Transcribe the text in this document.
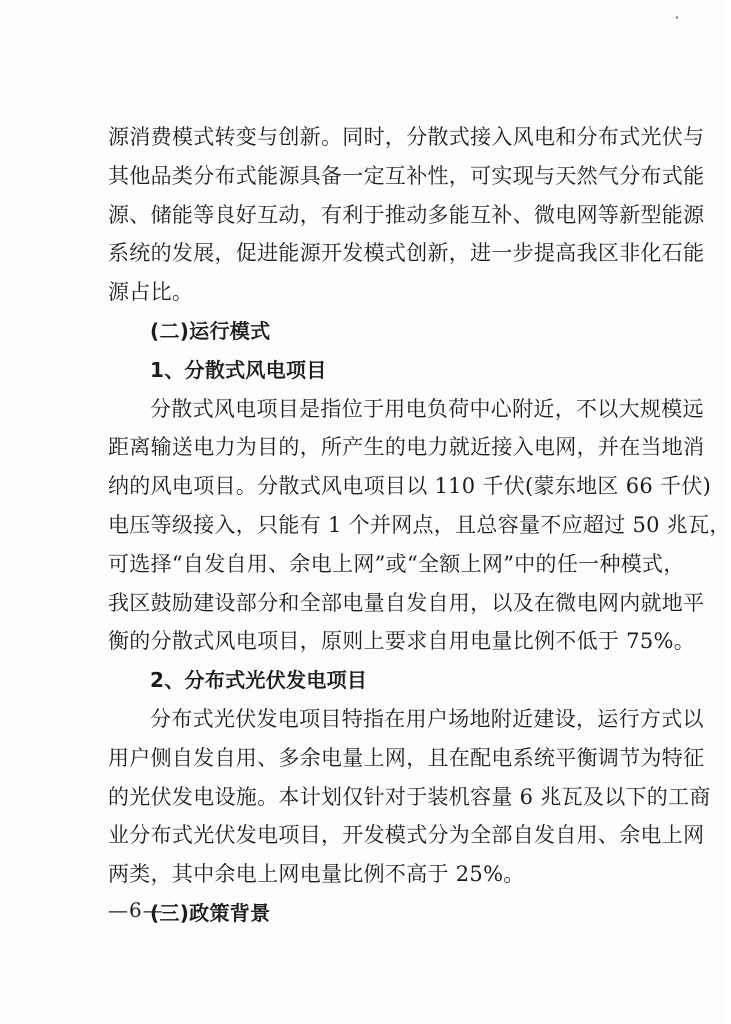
源消费模式转变与创新。同时，分散式接入风电和分布式光伏与
其他品类分布式能源具备一定互补性，可实现与天然气分布式能
源、储能等良好互动，有利于推动多能互补、微电网等新型能源
系统的发展，促进能源开发模式创新，进一步提高我区非化石能
源占比。
(二)运行模式
1、分散式风电项目
分散式风电项目是指位于用电负荷中心附近，不以大规模远
距离输送电力为目的，所产生的电力就近接入电网，并在当地消
纳的风电项目。分散式风电项目以 110 千伏(蒙东地区 66 千伏)
电压等级接入，只能有 1 个并网点，且总容量不应超过 50 兆瓦，
可选择“自发自用、余电上网”或“全额上网”中的任一种模式，
我区鼓励建设部分和全部电量自发自用，以及在微电网内就地平
衡的分散式风电项目，原则上要求自用电量比例不低于 75%。
2、分布式光伏发电项目
分布式光伏发电项目特指在用户场地附近建设，运行方式以
用户侧自发自用、多余电量上网，且在配电系统平衡调节为特征
的光伏发电设施。本计划仅针对于装机容量 6 兆瓦及以下的工商
业分布式光伏发电项目，开发模式分为全部自发自用、余电上网
两类，其中余电上网电量比例不高于 25%。
(三)政策背景
—6—
